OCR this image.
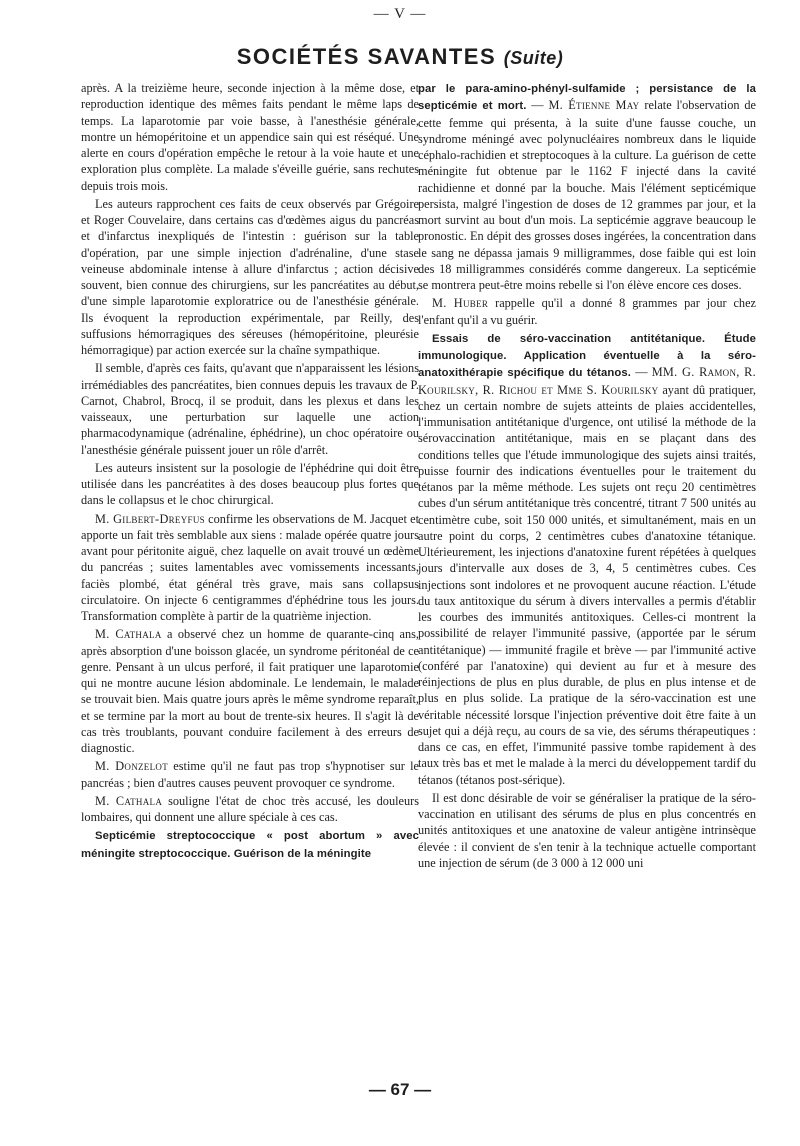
— V —
SOCIÉTÉS SAVANTES (Suite)

après. A la treizième heure, seconde injection à la même dose, et reproduction identique des mêmes faits pendant le même laps de temps. La laparotomie par voie basse, à l'anesthésie générale, montre un hémopéritoine et un appendice sain qui est réséqué. Une alerte en cours d'opération empêche le retour à la voie haute et une exploration plus complète. La malade s'éveille guérie, sans rechutes depuis trois mois.

Les auteurs rapprochent ces faits de ceux observés par Grégoire et Roger Couvelaire, dans certains cas d'œdèmes aigus du pancréas et d'infarctus inexpliqués de l'intestin : guérison sur la table d'opération, par une simple injection d'adrénaline, d'une stase veineuse abdominale intense à allure d'infarctus ; action décisive souvent, bien connue des chirurgiens, sur les pancréatites au début, d'une simple laparotomie exploratrice ou de l'anesthésie générale. Ils évoquent la reproduction expérimentale, par Reilly, des suffusions hémorragiques des séreuses (hémopéritoine, pleurésie hémorragique) par action exercée sur la chaîne sympathique.

Il semble, d'après ces faits, qu'avant que n'apparaissent les lésions irrémédiables des pancréatites, bien connues depuis les travaux de P. Carnot, Chabrol, Brocq, il se produit, dans les plexus et dans les vaisseaux, une perturbation sur laquelle une action pharmacodynamique (adrénaline, éphédrine), un choc opératoire ou l'anesthésie générale puissent jouer un rôle d'arrêt.

Les auteurs insistent sur la posologie de l'éphédrine qui doit être utilisée dans les pancréatites à des doses beaucoup plus fortes que dans le collapsus et le choc chirurgical.

M. Gilbert-Dreyfus confirme les observations de M. Jacquet et apporte un fait très semblable aux siens : malade opérée quatre jours avant pour péritonite aiguë, chez laquelle on avait trouvé un œdème du pancréas ; suites lamentables avec vomissements incessants, faciès plombé, état général très grave, mais sans collapsus circulatoire. On injecte 6 centigrammes d'éphédrine tous les jours. Transformation complète à partir de la quatrième injection.

M. Cathala a observé chez un homme de quarante-cinq ans, après absorption d'une boisson glacée, un syndrome péritonéal de ce genre. Pensant à un ulcus perforé, il fait pratiquer une laparotomie qui ne montre aucune lésion abdominale. Le lendemain, le malade se trouvait bien. Mais quatre jours après le même syndrome reparaît, et se termine par la mort au bout de trente-six heures. Il s'agit là de cas très troublants, pouvant conduire facilement à des erreurs de diagnostic.

M. Donzelot estime qu'il ne faut pas trop s'hypnotiser sur le pancréas ; bien d'autres causes peuvent provoquer ce syndrome.

M. Cathala souligne l'état de choc très accusé, les douleurs lombaires, qui donnent une allure spéciale à ces cas.

Septicémie streptococcique « post abortum » avec méningite streptococcique. Guérison de la méningite

par le para-amino-phényl-sulfamide ; persistance de la septicémie et mort. — M. Étienne May relate l'observation de cette femme qui présenta, à la suite d'une fausse couche, un syndrome méningé avec polynucléaires nombreux dans le liquide céphalo-rachidien et streptocoques à la culture. La guérison de cette méningite fut obtenue par le 1162 F injecté dans la cavité rachidienne et donné par la bouche. Mais l'élément septicémique persista, malgré l'ingestion de doses de 12 grammes par jour, et la mort survint au bout d'un mois. La septicémie aggrave beaucoup le pronostic. En dépit des grosses doses ingérées, la concentration dans le sang ne dépassa jamais 9 milligrammes, dose faible qui est loin des 18 milligrammes considérés comme dangereux. La septicémie se montrera peut-être moins rebelle si l'on élève encore ces doses.

M. Huber rappelle qu'il a donné 8 grammes par jour chez l'enfant qu'il a vu guérir.

Essais de séro-vaccination antitétanique. Étude immunologique. Application éventuelle à la séro-anatoxithérapie spécifique du tétanos. — MM. G. Ramon, R. Kourilsky, R. Richou et Mme S. Kourilsky ayant dû pratiquer, chez un certain nombre de sujets atteints de plaies accidentelles, l'immunisation antitétanique d'urgence, ont utilisé la méthode de la sérovaccination antitétanique, mais en se plaçant dans des conditions telles que l'étude immunologique des sujets ainsi traités, puisse fournir des indications éventuelles pour le traitement du tétanos par la même méthode. Les sujets ont reçu 20 centimètres cubes d'un sérum antitétanique très concentré, titrant 7 500 unités au centimètre cube, soit 150 000 unités, et simultanément, mais en un autre point du corps, 2 centimètres cubes d'anatoxine tétanique. Ultérieurement, les injections d'anatoxine furent répétées à quelques jours d'intervalle aux doses de 3, 4, 5 centimètres cubes. Ces injections sont indolores et ne provoquent aucune réaction. L'étude du taux antitoxique du sérum à divers intervalles a permis d'établir les courbes des immunités antitoxiques. Celles-ci montrent la possibilité de relayer l'immunité passive, (apportée par le sérum antitétanique) — immunité fragile et brève — par l'immunité active (conféré par l'anatoxine) qui devient au fur et à mesure des réinjections de plus en plus durable, de plus en plus intense et de plus en plus solide. La pratique de la séro-vaccination est une véritable nécessité lorsque l'injection préventive doit être faite à un sujet qui a déjà reçu, au cours de sa vie, des sérums thérapeutiques : dans ce cas, en effet, l'immunité passive tombe rapidement à des taux très bas et met le malade à la merci du développement tardif du tétanos (tétanos post-sérique).

Il est donc désirable de voir se généraliser la pratique de la séro-vaccination en utilisant des sérums de plus en plus concentrés en unités antitoxiques et une anatoxine de valeur antigène intrinsèque élevée : il convient de s'en tenir à la technique actuelle comportant une injection de sérum (de 3 000 à 12 000 uni

— 67 —
